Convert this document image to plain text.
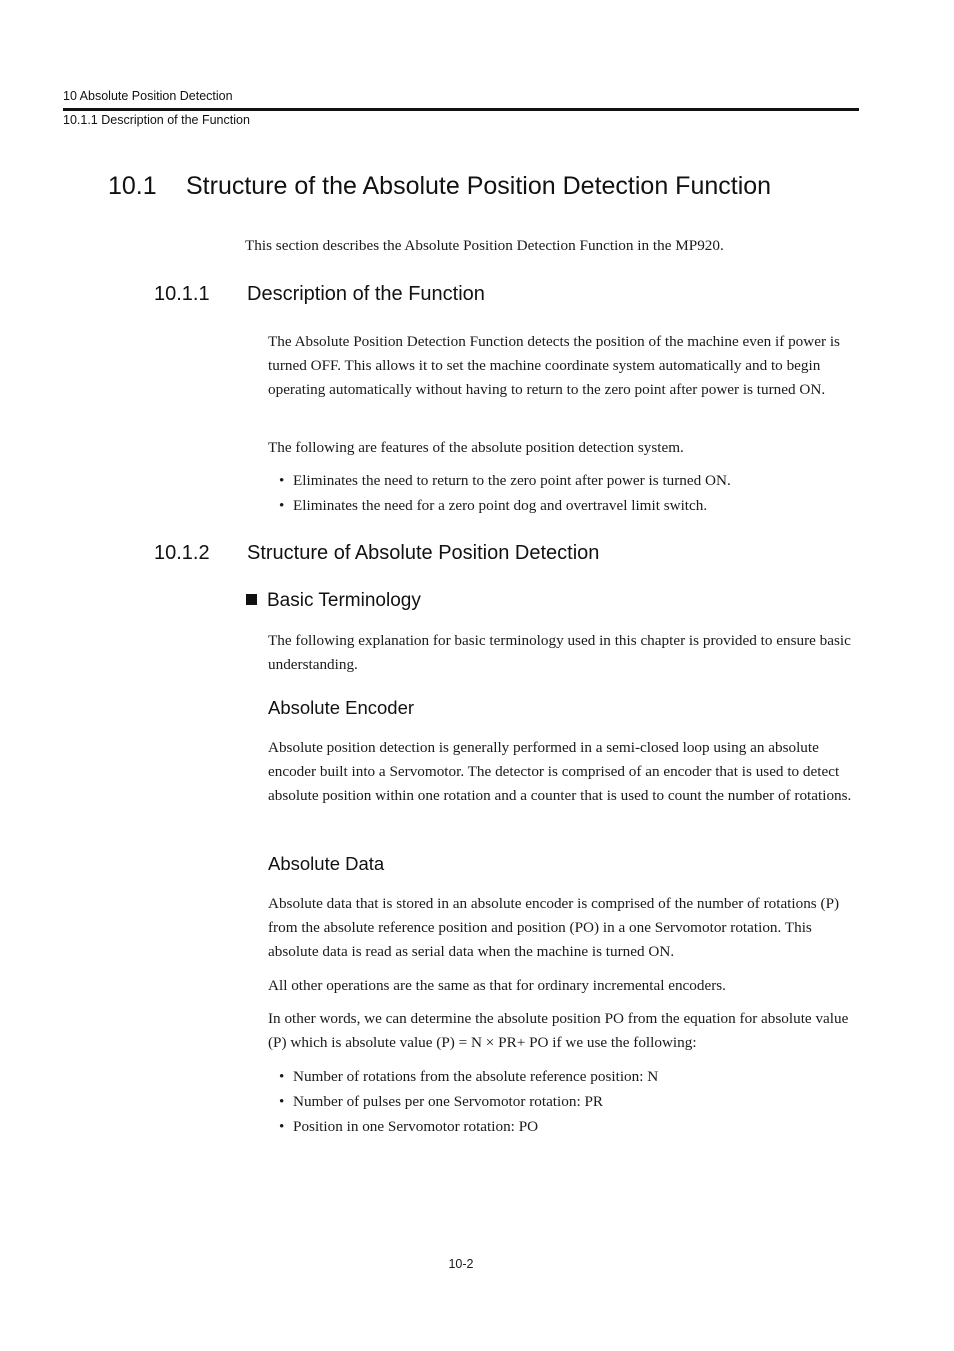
10 Absolute Position Detection
10.1.1 Description of the Function
10.1 Structure of the Absolute Position Detection Function

This section describes the Absolute Position Detection Function in the MP920.

10.1.1 Description of the Function

The Absolute Position Detection Function detects the position of the machine even if power is turned OFF. This allows it to set the machine coordinate system automatically and to begin operating automatically without having to return to the zero point after power is turned ON.

The following are features of the absolute position detection system.

• Eliminates the need to return to the zero point after power is turned ON.
• Eliminates the need for a zero point dog and overtravel limit switch.
10.1.2 Structure of Absolute Position Detection
Basic Terminology

The following explanation for basic terminology used in this chapter is provided to ensure basic understanding.

Absolute Encoder

Absolute position detection is generally performed in a semi-closed loop using an absolute encoder built into a Servomotor. The detector is comprised of an encoder that is used to detect absolute position within one rotation and a counter that is used to count the number of rotations.

Absolute Data

Absolute data that is stored in an absolute encoder is comprised of the number of rotations (P) from the absolute reference position and position (PO) in a one Servomotor rotation. This absolute data is read as serial data when the machine is turned ON.

All other operations are the same as that for ordinary incremental encoders.

In other words, we can determine the absolute position PO from the equation for absolute value (P) which is absolute value (P) = N × PR+ PO if we use the following:

• Number of rotations from the absolute reference position: N
• Number of pulses per one Servomotor rotation: PR
• Position in one Servomotor rotation: PO
10-2
